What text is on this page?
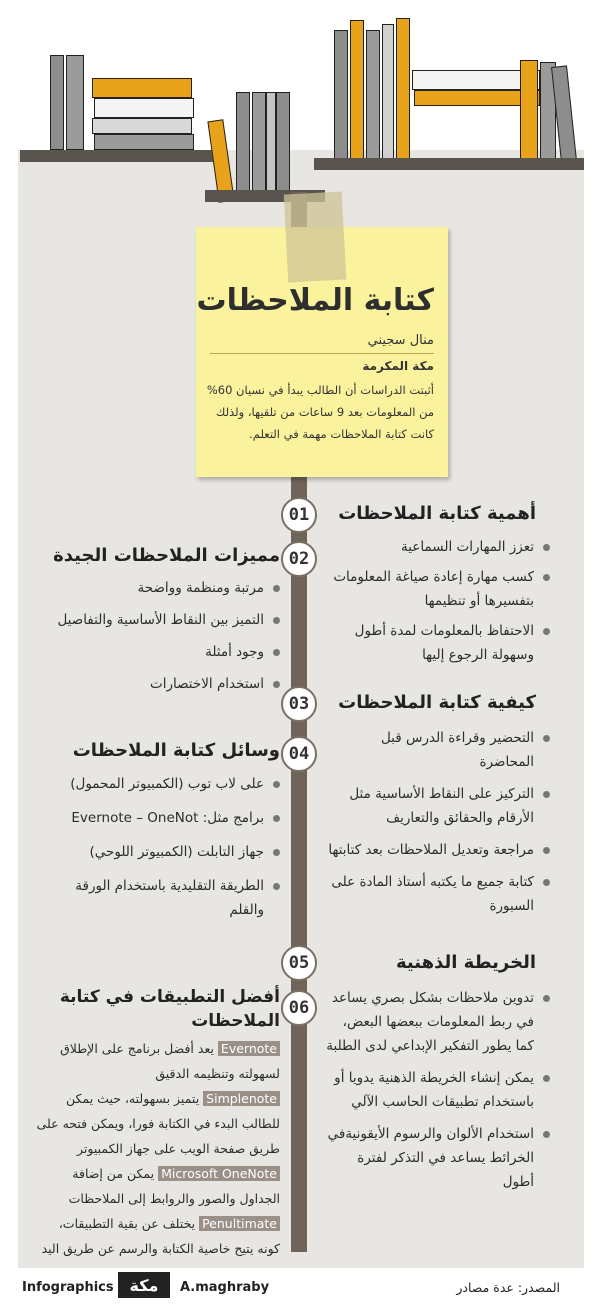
كتابة الملاحظات
منال سجيني
مكة المكرمة
أثبتت الدراسات أن الطالب يبدأ في نسيان 60% من المعلومات بعد 9 ساعات من تلقيها، ولذلك كانت كتابة الملاحظات مهمة في التعلم.
01	أهمية كتابة الملاحظات
تعزز المهارات السماعية
كسب مهارة إعادة صياغة المعلومات بتفسيرها أو تنظيمها
الاحتفاظ بالمعلومات لمدة أطول وسهولة الرجوع إليها
02
مميزات الملاحظات الجيدة
مرتبة ومنظمة وواضحة
التميز بين النقاط الأساسية والتفاصيل
وجود أمثلة
استخدام الاختصارات
03	كيفية كتابة الملاحظات
التحضير وقراءة الدرس قبل المحاضرة
التركيز على النقاط الأساسية مثل الأرقام والحقائق والتعاريف
مراجعة وتعديل الملاحظات بعد كتابتها
كتابة جميع ما يكتبه أستاذ المادة على السبورة
04
وسائل كتابة الملاحظات
على لاب توب (الكمبيوتر المحمول)
برامج مثل: Evernote – OneNot
جهاز التابلت (الكمبيوتر اللوحي)
الطريقة التقليدية باستخدام الورقة والقلم
05	الخريطة الذهنية
تدوين ملاحظات بشكل بصري يساعد في ربط المعلومات ببعضها البعض، كما يطور التفكير الإبداعي لدى الطلبة
يمكن إنشاء الخريطة الذهنية يدويا أو باستخدام تطبيقات الحاسب الآلي
استخدام الألوان والرسوم الأيقونيةفي الخرائط يساعد في التذكر لفترة أطول
06
أفضل التطبيقات في كتابة الملاحظات
Evernote يعد أفضل برنامج على الإطلاق لسهولته وتنظيمه الدقيق
Simplenote يتميز بسهولته، حيث يمكن للطالب البدء في الكتابة فورا، ويمكن فتحه على طريق صفحة الويب على جهاز الكمبيوتر
Microsoft OneNote يمكن من إضافة الجداول والصور والروابط إلى الملاحظات
Penultimate يختلف عن بقية التطبيقات، كونه يتيح خاصية الكتابة والرسم عن طريق اليد
Infographics مكة	A.maghraby	المصدر: عدة مصادر
